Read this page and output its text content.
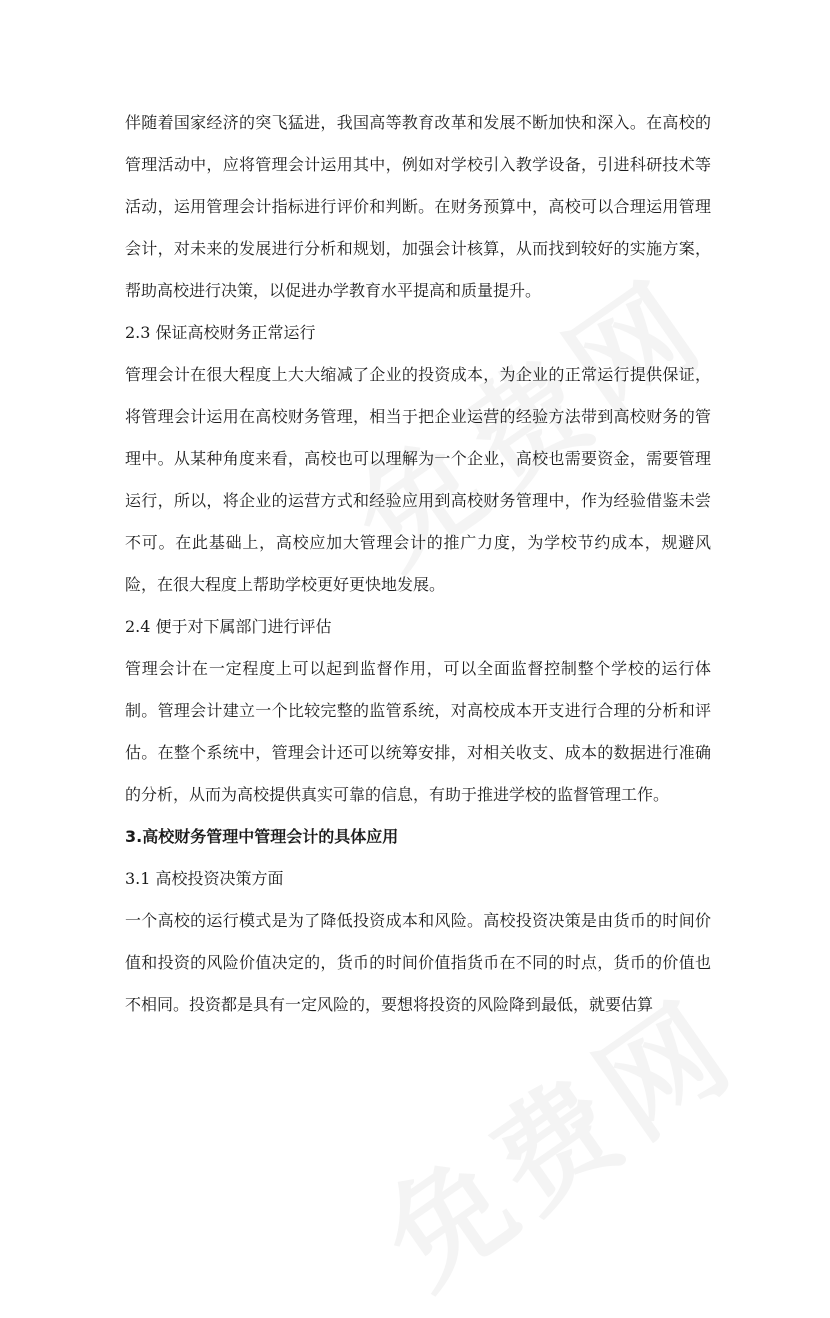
伴随着国家经济的突飞猛进，我国高等教育改革和发展不断加快和深入。在高校的管理活动中，应将管理会计运用其中，例如对学校引入教学设备，引进科研技术等活动，运用管理会计指标进行评价和判断。在财务预算中，高校可以合理运用管理会计，对未来的发展进行分析和规划，加强会计核算，从而找到较好的实施方案，帮助高校进行决策，以促进办学教育水平提高和质量提升。

2.3 保证高校财务正常运行

管理会计在很大程度上大大缩减了企业的投资成本，为企业的正常运行提供保证，将管理会计运用在高校财务管理，相当于把企业运营的经验方法带到高校财务的管理中。从某种角度来看，高校也可以理解为一个企业，高校也需要资金，需要管理运行，所以，将企业的运营方式和经验应用到高校财务管理中，作为经验借鉴未尝不可。在此基础上，高校应加大管理会计的推广力度，为学校节约成本，规避风险，在很大程度上帮助学校更好更快地发展。

2.4 便于对下属部门进行评估

管理会计在一定程度上可以起到监督作用，可以全面监督控制整个学校的运行体制。管理会计建立一个比较完整的监管系统，对高校成本开支进行合理的分析和评估。在整个系统中，管理会计还可以统筹安排，对相关收支、成本的数据进行准确的分析，从而为高校提供真实可靠的信息，有助于推进学校的监督管理工作。

3.高校财务管理中管理会计的具体应用

3.1 高校投资决策方面

一个高校的运行模式是为了降低投资成本和风险。高校投资决策是由货币的时间价值和投资的风险价值决定的，货币的时间价值指货币在不同的时点，货币的价值也不相同。投资都是具有一定风险的，要想将投资的风险降到最低，就要估算
